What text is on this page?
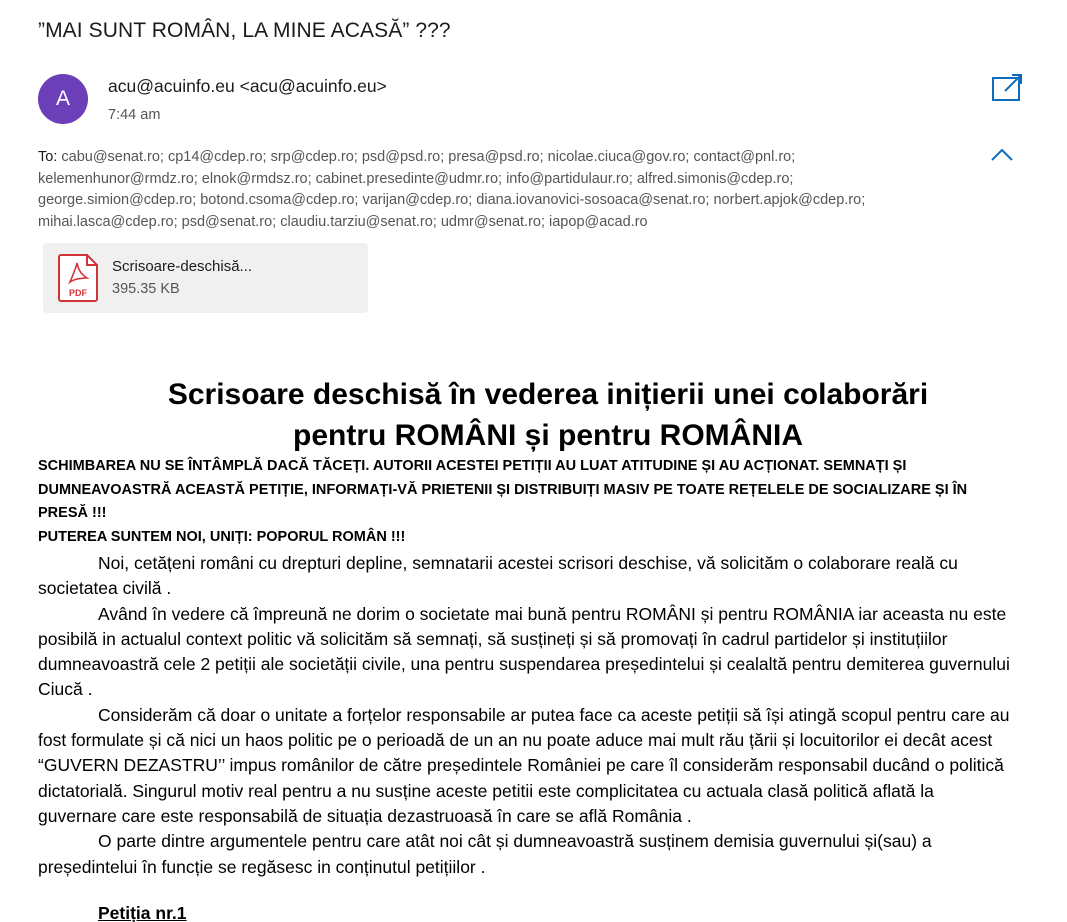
”MAI SUNT ROMÂN, LA MINE ACASĂ” ???
A
acu@acuinfo.eu <acu@acuinfo.eu>
7:44 am
To: cabu@senat.ro; cp14@cdep.ro; srp@cdep.ro; psd@psd.ro; presa@psd.ro; nicolae.ciuca@gov.ro; contact@pnl.ro;
kelemenhunor@rmdz.ro; elnok@rmdsz.ro; cabinet.presedinte@udmr.ro; info@partidulaur.ro; alfred.simonis@cdep.ro;
george.simion@cdep.ro; botond.csoma@cdep.ro; varijan@cdep.ro; diana.iovanovici-sosoaca@senat.ro; norbert.apjok@cdep.ro;
mihai.lasca@cdep.ro; psd@senat.ro; claudiu.tarziu@senat.ro; udmr@senat.ro; iapop@acad.ro
PDF
Scrisoare-deschisă...
395.35 KB
Scrisoare deschisă în vederea inițierii unei colaborări
pentru ROMÂNI și pentru ROMÂNIA
SCHIMBAREA NU SE ÎNTÂMPLĂ DACĂ TĂCEȚI. AUTORII ACESTEI PETIȚII AU LUAT ATITUDINE ȘI AU ACȚIONAT. SEMNAȚI ȘI
DUMNEAVOASTRĂ ACEASTĂ PETIȚIE, INFORMAȚI-VĂ PRIETENII ȘI DISTRIBUIȚI MASIV PE TOATE REȚELELE DE SOCIALIZARE ȘI ÎN
PRESĂ !!!
PUTEREA SUNTEM NOI, UNIȚI: POPORUL ROMÂN !!!
Noi, cetățeni români cu drepturi depline, semnatarii acestei scrisori deschise, vă solicităm o colaborare reală cu
societatea civilă .
Având în vedere că împreună ne dorim o societate mai bună pentru ROMÂNI și pentru ROMÂNIA iar aceasta nu este
posibilă in actualul context politic vă solicităm să semnați, să susțineți și să promovați în cadrul partidelor și instituțiilor
dumneavoastră cele 2 petiții ale societății civile, una pentru suspendarea președintelui și cealaltă pentru demiterea guvernului
Ciucă .
Considerăm că doar o unitate a forțelor responsabile ar putea face ca aceste petiții să își atingă scopul pentru care au
fost formulate și că nici un haos politic pe o perioadă de un an nu poate aduce mai mult rău țării și locuitorilor ei decât acest
“GUVERN DEZASTRU’’ impus românilor de către președintele României pe care îl considerăm responsabil ducând o politică
dictatorială. Singurul motiv real pentru a nu susține aceste petitii este complicitatea cu actuala clasă politică aflată la
guvernare care este responsabilă de situația dezastruoasă în care se află România .
O parte dintre argumentele pentru care atât noi cât și dumneavoastră susținem demisia guvernului și(sau) a
președintelui în funcție se regăsesc in conținutul petițiilor .
Petiția nr.1
